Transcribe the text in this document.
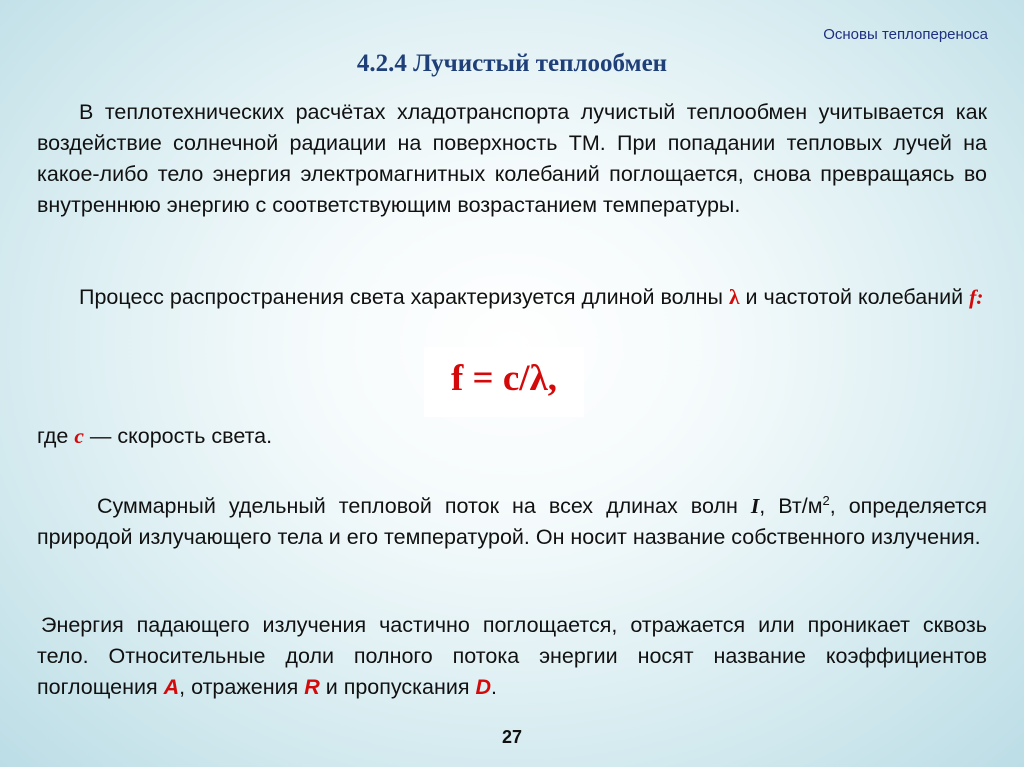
Основы теплопереноса
4.2.4 Лучистый теплообмен

В теплотехнических расчётах хладотранспорта лучистый теплообмен учитывается как воздействие солнечной радиации на поверхность ТМ. При попадании тепловых лучей на какое-либо тело энергия электромагнитных колебаний поглощается, снова превращаясь во внутреннюю энергию с соответствующим возрастанием температуры.

Процесс распространения света характеризуется длиной волны λ и частотой колебаний f:

f = c/λ,

где c — скорость света.

Суммарный удельный тепловой поток на всех длинах волн I, $Вт/м^2$, определяется природой излучающего тела и его температурой. Он носит название собственного излучения.

Энергия падающего излучения частично поглощается, отражается или проникает сквозь тело. Относительные доли полного потока энергии носят название коэффициентов поглощения A, отражения R и пропускания D.

27
